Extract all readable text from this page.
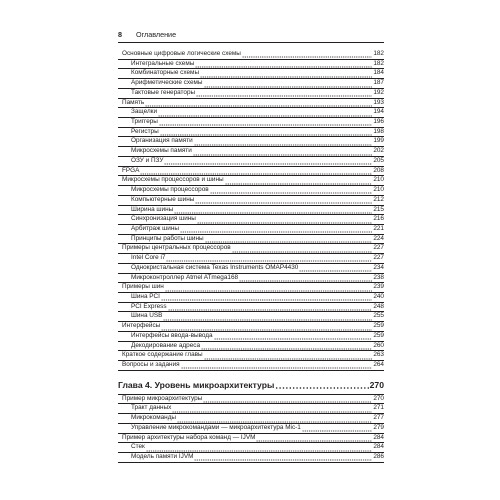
8 Оглавление
Основные цифровые логические схемы	182
Интегральные схемы	182
Комбинаторные схемы	184
Арифметические схемы	187
Тактовые генераторы	192
Память	193
Защелки	194
Триггеры	196
Регистры	198
Организация памяти	199
Микросхемы памяти	202
ОЗУ и ПЗУ	205
FPGA	208
Микросхемы процессоров и шины	210
Микросхемы процессоров	210
Компьютерные шины	212
Ширина шины	215
Синхронизация шины	216
Арбитраж шины	221
Принципы работы шины	224
Примеры центральных процессоров	227
Intel Core i7	227
Однокристальная система Texas Instruments OMAP4430	234
Микроконтроллер Atmel ATmega168	238
Примеры шин	239
Шина PCI	240
PCI Express	248
Шина USB	255
Интерфейсы	259
Интерфейсы ввода-вывода	259
Декодирование адреса	260
Краткое содержание главы	263
Вопросы и задания	264
Глава 4. Уровень микроархитектуры	270
Пример микроархитектуры	270
Тракт данных	271
Микрокоманды	277
Управление микрокомандами — микроархитектура Mic-1	279
Пример архитектуры набора команд — IJVM	284
Стек	284
Модель памяти IJVM	286
